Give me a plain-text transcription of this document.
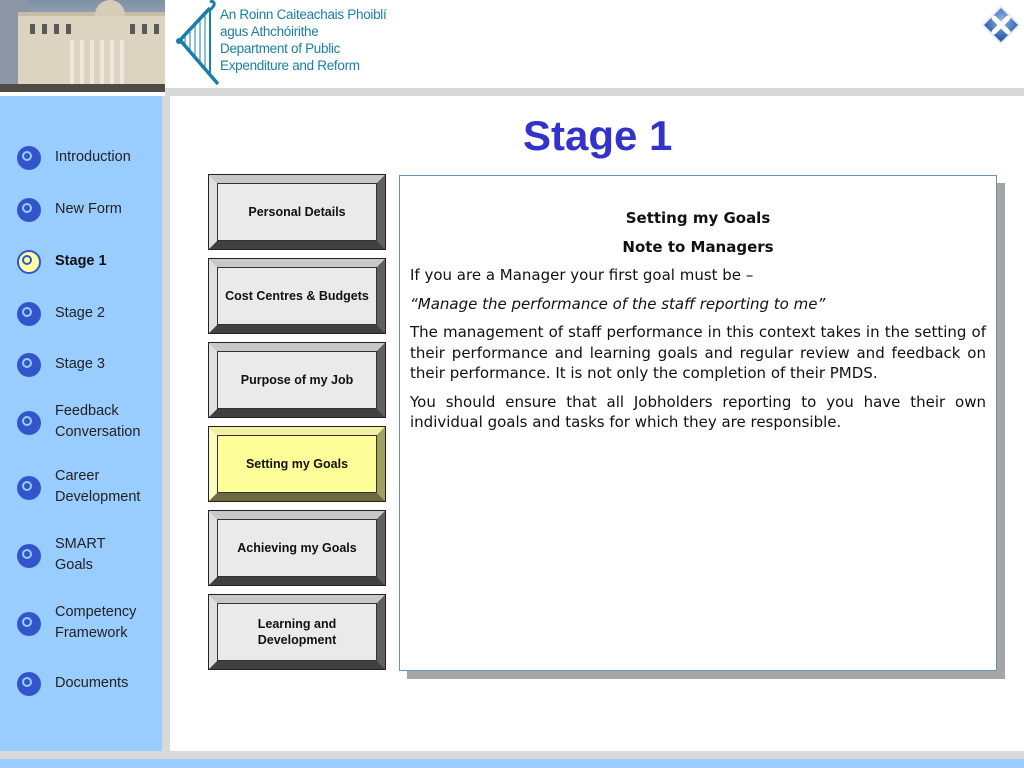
An Roinn Caiteachais Phoiblí
agus Athchóirithe
Department of Public
Expenditure and Reform
Introduction
New Form
Stage 1
Stage 2
Stage 3
Feedback Conversation
Career Development
SMART Goals
Competency Framework
Documents
Stage 1
Personal Details
Cost Centres & Budgets
Purpose of my Job
Setting my Goals
Achieving my Goals
Learning and Development

Setting my Goals

Note to Managers

If you are a Manager your first goal must be –

“Manage the performance of the staff reporting to me”

The management of staff performance in this context takes in the setting of their performance and learning goals and regular review and feedback on their performance. It is not only the completion of their PMDS.

You should ensure that all Jobholders reporting to you have their own individual goals and tasks for which they are responsible.
